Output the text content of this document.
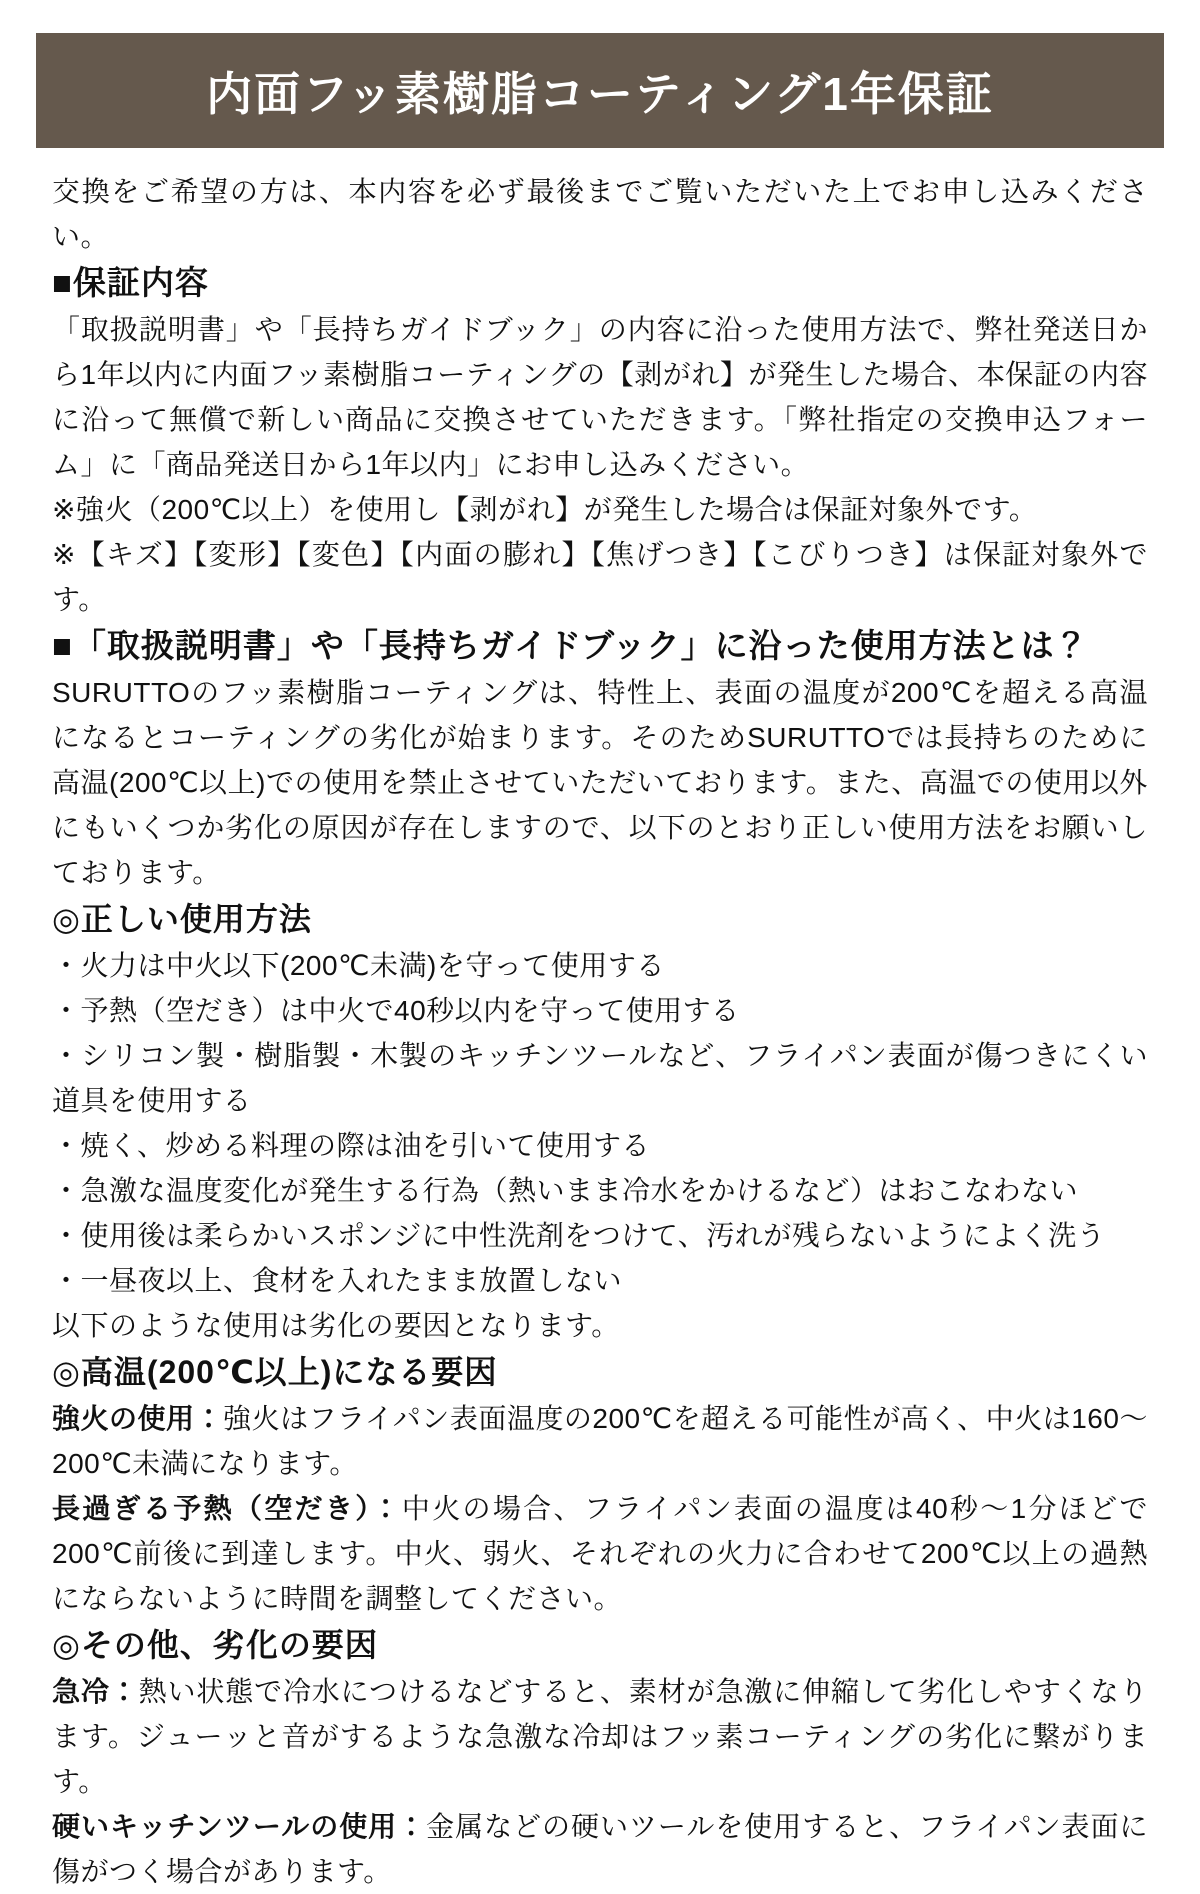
内面フッ素樹脂コーティング1年保証

交換をご希望の方は、本内容を必ず最後までご覧いただいた上でお申し込みください。

■保証内容

「取扱説明書」や「長持ちガイドブック」の内容に沿った使用方法で、弊社発送日から1年以内に内面フッ素樹脂コーティングの【剥がれ】が発生した場合、本保証の内容に沿って無償で新しい商品に交換させていただきます。「弊社指定の交換申込フォーム」に「商品発送日から1年以内」にお申し込みください。

※強火（200℃以上）を使用し【剥がれ】が発生した場合は保証対象外です。

※【キズ】【変形】【変色】【内面の膨れ】【焦げつき】【こびりつき】は保証対象外です。

■「取扱説明書」や「長持ちガイドブック」に沿った使用方法とは？

SURUTTOのフッ素樹脂コーティングは、特性上、表面の温度が200℃を超える高温になるとコーティングの劣化が始まります。そのためSURUTTOでは長持ちのために高温(200℃以上)での使用を禁止させていただいております。また、高温での使用以外にもいくつか劣化の原因が存在しますので、以下のとおり正しい使用方法をお願いしております。

◎正しい使用方法

・火力は中火以下(200℃未満)を守って使用する

・予熱（空だき）は中火で40秒以内を守って使用する

・シリコン製・樹脂製・木製のキッチンツールなど、フライパン表面が傷つきにくい道具を使用する

・焼く、炒める料理の際は油を引いて使用する

・急激な温度変化が発生する行為（熱いまま冷水をかけるなど）はおこなわない

・使用後は柔らかいスポンジに中性洗剤をつけて、汚れが残らないようによく洗う

・一昼夜以上、食材を入れたまま放置しない

以下のような使用は劣化の要因となります。

◎高温(200℃以上)になる要因

強火の使用：強火はフライパン表面温度の200℃を超える可能性が高く、中火は160〜200℃未満になります。

長過ぎる予熱（空だき）：中火の場合、フライパン表面の温度は40秒〜1分ほどで200℃前後に到達します。中火、弱火、それぞれの火力に合わせて200℃以上の過熱にならないように時間を調整してください。

◎その他、劣化の要因

急冷：熱い状態で冷水につけるなどすると、素材が急激に伸縮して劣化しやすくなります。ジューッと音がするような急激な冷却はフッ素コーティングの劣化に繋がります。

硬いキッチンツールの使用：金属などの硬いツールを使用すると、フライパン表面に傷がつく場合があります。
